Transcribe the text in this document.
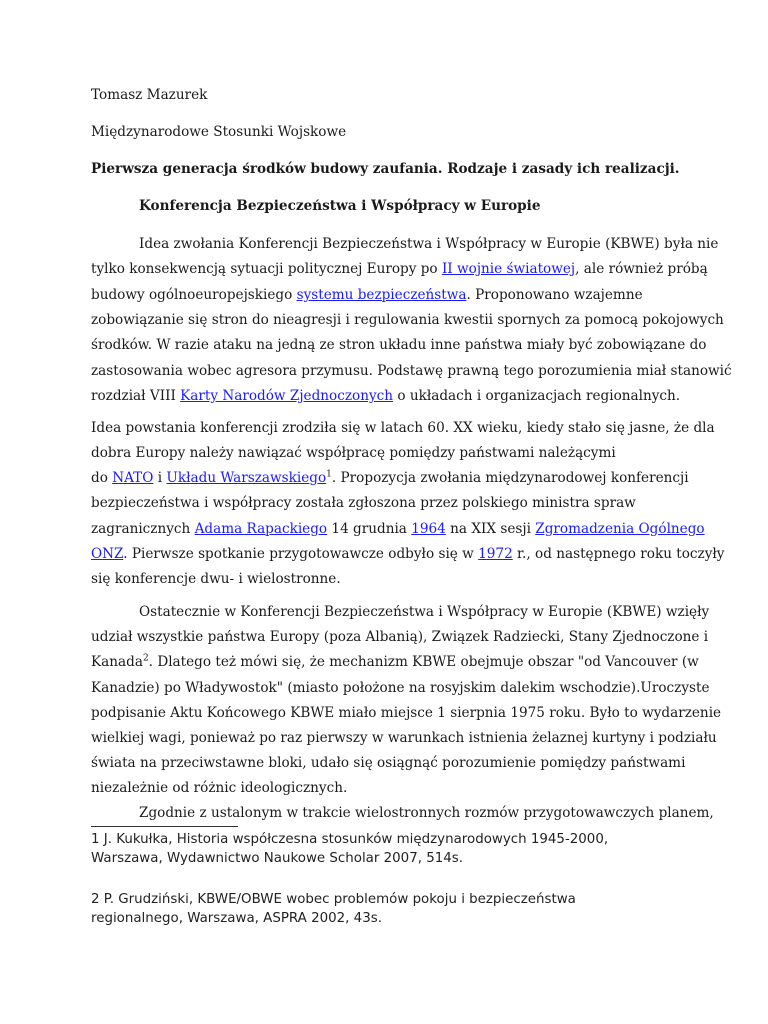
Tomasz Mazurek
Międzynarodowe Stosunki Wojskowe
Pierwsza generacja środków budowy zaufania. Rodzaje i zasady ich realizacji.
Konferencja Bezpieczeństwa i Współpracy w Europie
Idea zwołania Konferencji Bezpieczeństwa i Współpracy w Europie (KBWE) była nie
tylko konsekwencją sytuacji politycznej Europy po II wojnie światowej, ale również próbą
budowy ogólnoeuropejskiego systemu bezpieczeństwa. Proponowano wzajemne
zobowiązanie się stron do nieagresji i regulowania kwestii spornych za pomocą pokojowych
środków. W razie ataku na jedną ze stron układu inne państwa miały być zobowiązane do
zastosowania wobec agresora przymusu. Podstawę prawną tego porozumienia miał stanowić
rozdział VIII Karty Narodów Zjednoczonych o układach i organizacjach regionalnych.
Idea powstania konferencji zrodziła się w latach 60. XX wieku, kiedy stało się jasne, że dla
dobra Europy należy nawiązać współpracę pomiędzy państwami należącymi
do NATO i Układu Warszawskiego$^1$. Propozycja zwołania międzynarodowej konferencji
bezpieczeństwa i współpracy została zgłoszona przez polskiego ministra spraw
zagranicznych Adama Rapackiego 14 grudnia 1964 na XIX sesji Zgromadzenia Ogólnego
ONZ. Pierwsze spotkanie przygotowawcze odbyło się w 1972 r., od następnego roku toczyły
się konferencje dwu- i wielostronne.
Ostatecznie w Konferencji Bezpieczeństwa i Współpracy w Europie (KBWE) wzięły
udział wszystkie państwa Europy (poza Albanią), Związek Radziecki, Stany Zjednoczone i
Kanada$^2$. Dlatego też mówi się, że mechanizm KBWE obejmuje obszar "od Vancouver (w
Kanadzie) po Władywostok" (miasto położone na rosyjskim dalekim wschodzie).Uroczyste
podpisanie Aktu Końcowego KBWE miało miejsce 1 sierpnia 1975 roku. Było to wydarzenie
wielkiej wagi, ponieważ po raz pierwszy w warunkach istnienia żelaznej kurtyny i podziału
świata na przeciwstawne bloki, udało się osiągnąć porozumienie pomiędzy państwami
niezależnie od różnic ideologicznych.
Zgodnie z ustalonym w trakcie wielostronnych rozmów przygotowawczych planem,
1 J. Kukułka, Historia współczesna stosunków międzynarodowych 1945-2000,
Warszawa, Wydawnictwo Naukowe Scholar 2007, 514s.
2 P. Grudziński, KBWE/OBWE wobec problemów pokoju i bezpieczeństwa
regionalnego, Warszawa, ASPRA 2002, 43s.
